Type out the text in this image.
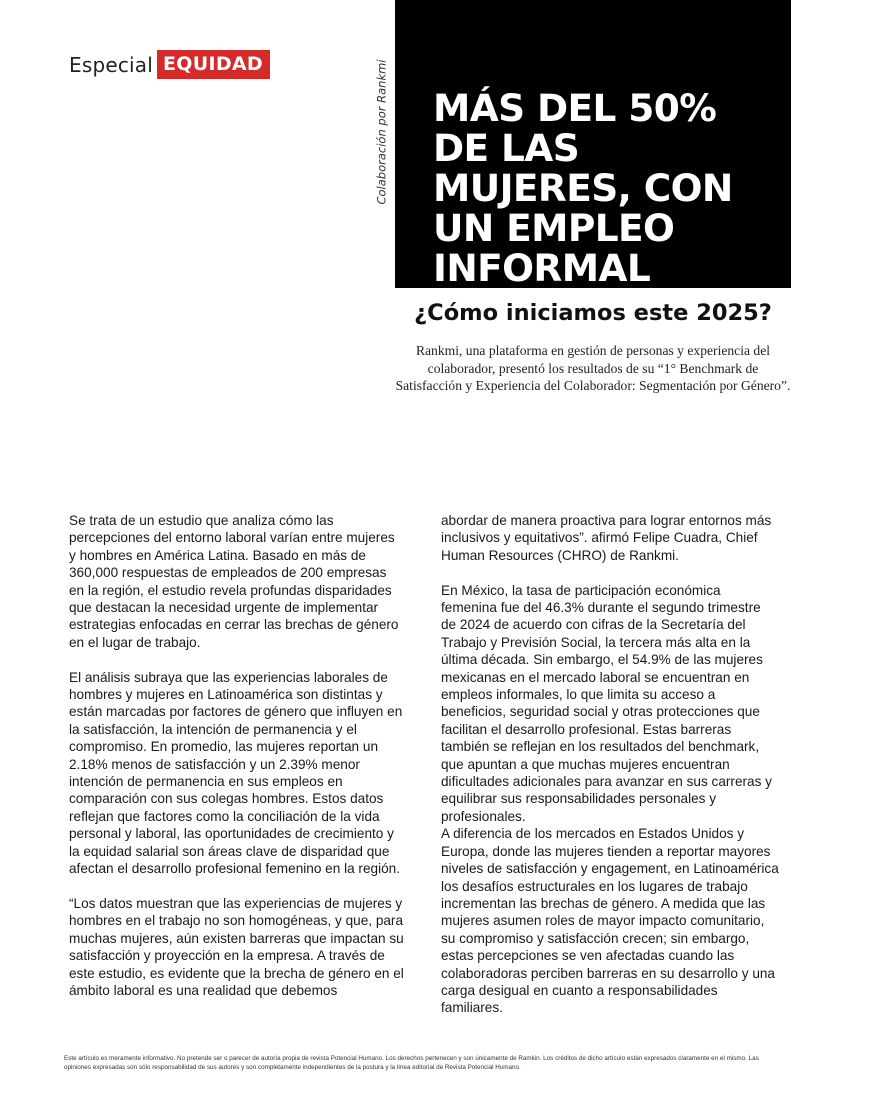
Especial EQUIDAD	Colaboración por Rankmi MÁS DEL 50% DE LAS MUJERES, CON UN EMPLEO INFORMAL
¿Cómo iniciamos este 2025?

Rankmi, una plataforma en gestión de personas y experiencia del colaborador, presentó los resultados de su “1° Benchmark de Satisfacción y Experiencia del Colaborador: Segmentación por Género”.

Se trata de un estudio que analiza cómo las percepciones del entorno laboral varían entre mujeres y hombres en América Latina. Basado en más de 360,000 respuestas de empleados de 200 empresas en la región, el estudio revela profundas disparidades que destacan la necesidad urgente de implementar estrategias enfocadas en cerrar las brechas de género en el lugar de trabajo.

El análisis subraya que las experiencias laborales de hombres y mujeres en Latinoamérica son distintas y están marcadas por factores de género que influyen en la satisfacción, la intención de permanencia y el compromiso. En promedio, las mujeres reportan un 2.18% menos de satisfacción y un 2.39% menor intención de permanencia en sus empleos en comparación con sus colegas hombres. Estos datos reflejan que factores como la conciliación de la vida personal y laboral, las oportunidades de crecimiento y la equidad salarial son áreas clave de disparidad que afectan el desarrollo profesional femenino en la región.

“Los datos muestran que las experiencias de mujeres y hombres en el trabajo no son homogéneas, y que, para muchas mujeres, aún existen barreras que impactan su satisfacción y proyección en la empresa. A través de este estudio, es evidente que la brecha de género en el ámbito laboral es una realidad que debemos

abordar de manera proactiva para lograr entornos más inclusivos y equitativos”. afirmó Felipe Cuadra, Chief Human Resources (CHRO) de Rankmi.

En México, la tasa de participación económica femenina fue del 46.3% durante el segundo trimestre de 2024 de acuerdo con cifras de la Secretaría del Trabajo y Previsión Social, la tercera más alta en la última década. Sin embargo, el 54.9% de las mujeres mexicanas en el mercado laboral se encuentran en empleos informales, lo que limita su acceso a beneficios, seguridad social y otras protecciones que facilitan el desarrollo profesional. Estas barreras también se reflejan en los resultados del benchmark, que apuntan a que muchas mujeres encuentran dificultades adicionales para avanzar en sus carreras y equilibrar sus responsabilidades personales y profesionales.

A diferencia de los mercados en Estados Unidos y Europa, donde las mujeres tienden a reportar mayores niveles de satisfacción y engagement, en Latinoamérica los desafíos estructurales en los lugares de trabajo incrementan las brechas de género. A medida que las mujeres asumen roles de mayor impacto comunitario, su compromiso y satisfacción crecen; sin embargo, estas percepciones se ven afectadas cuando las colaboradoras perciben barreras en su desarrollo y una carga desigual en cuanto a responsabilidades familiares.

Este artículo es meramente informativo. No pretende ser o parecer de autoría propia de revista Potencial Humano. Los derechos pertenecen y son únicamente de Ramkin. Los créditos de dicho artículo están expresados claramente en el mismo. Las opiniones expresadas son sólo responsabilidad de sus autores y son completamente independientes de la postura y la línea editorial de Revista Potencial Humano.
